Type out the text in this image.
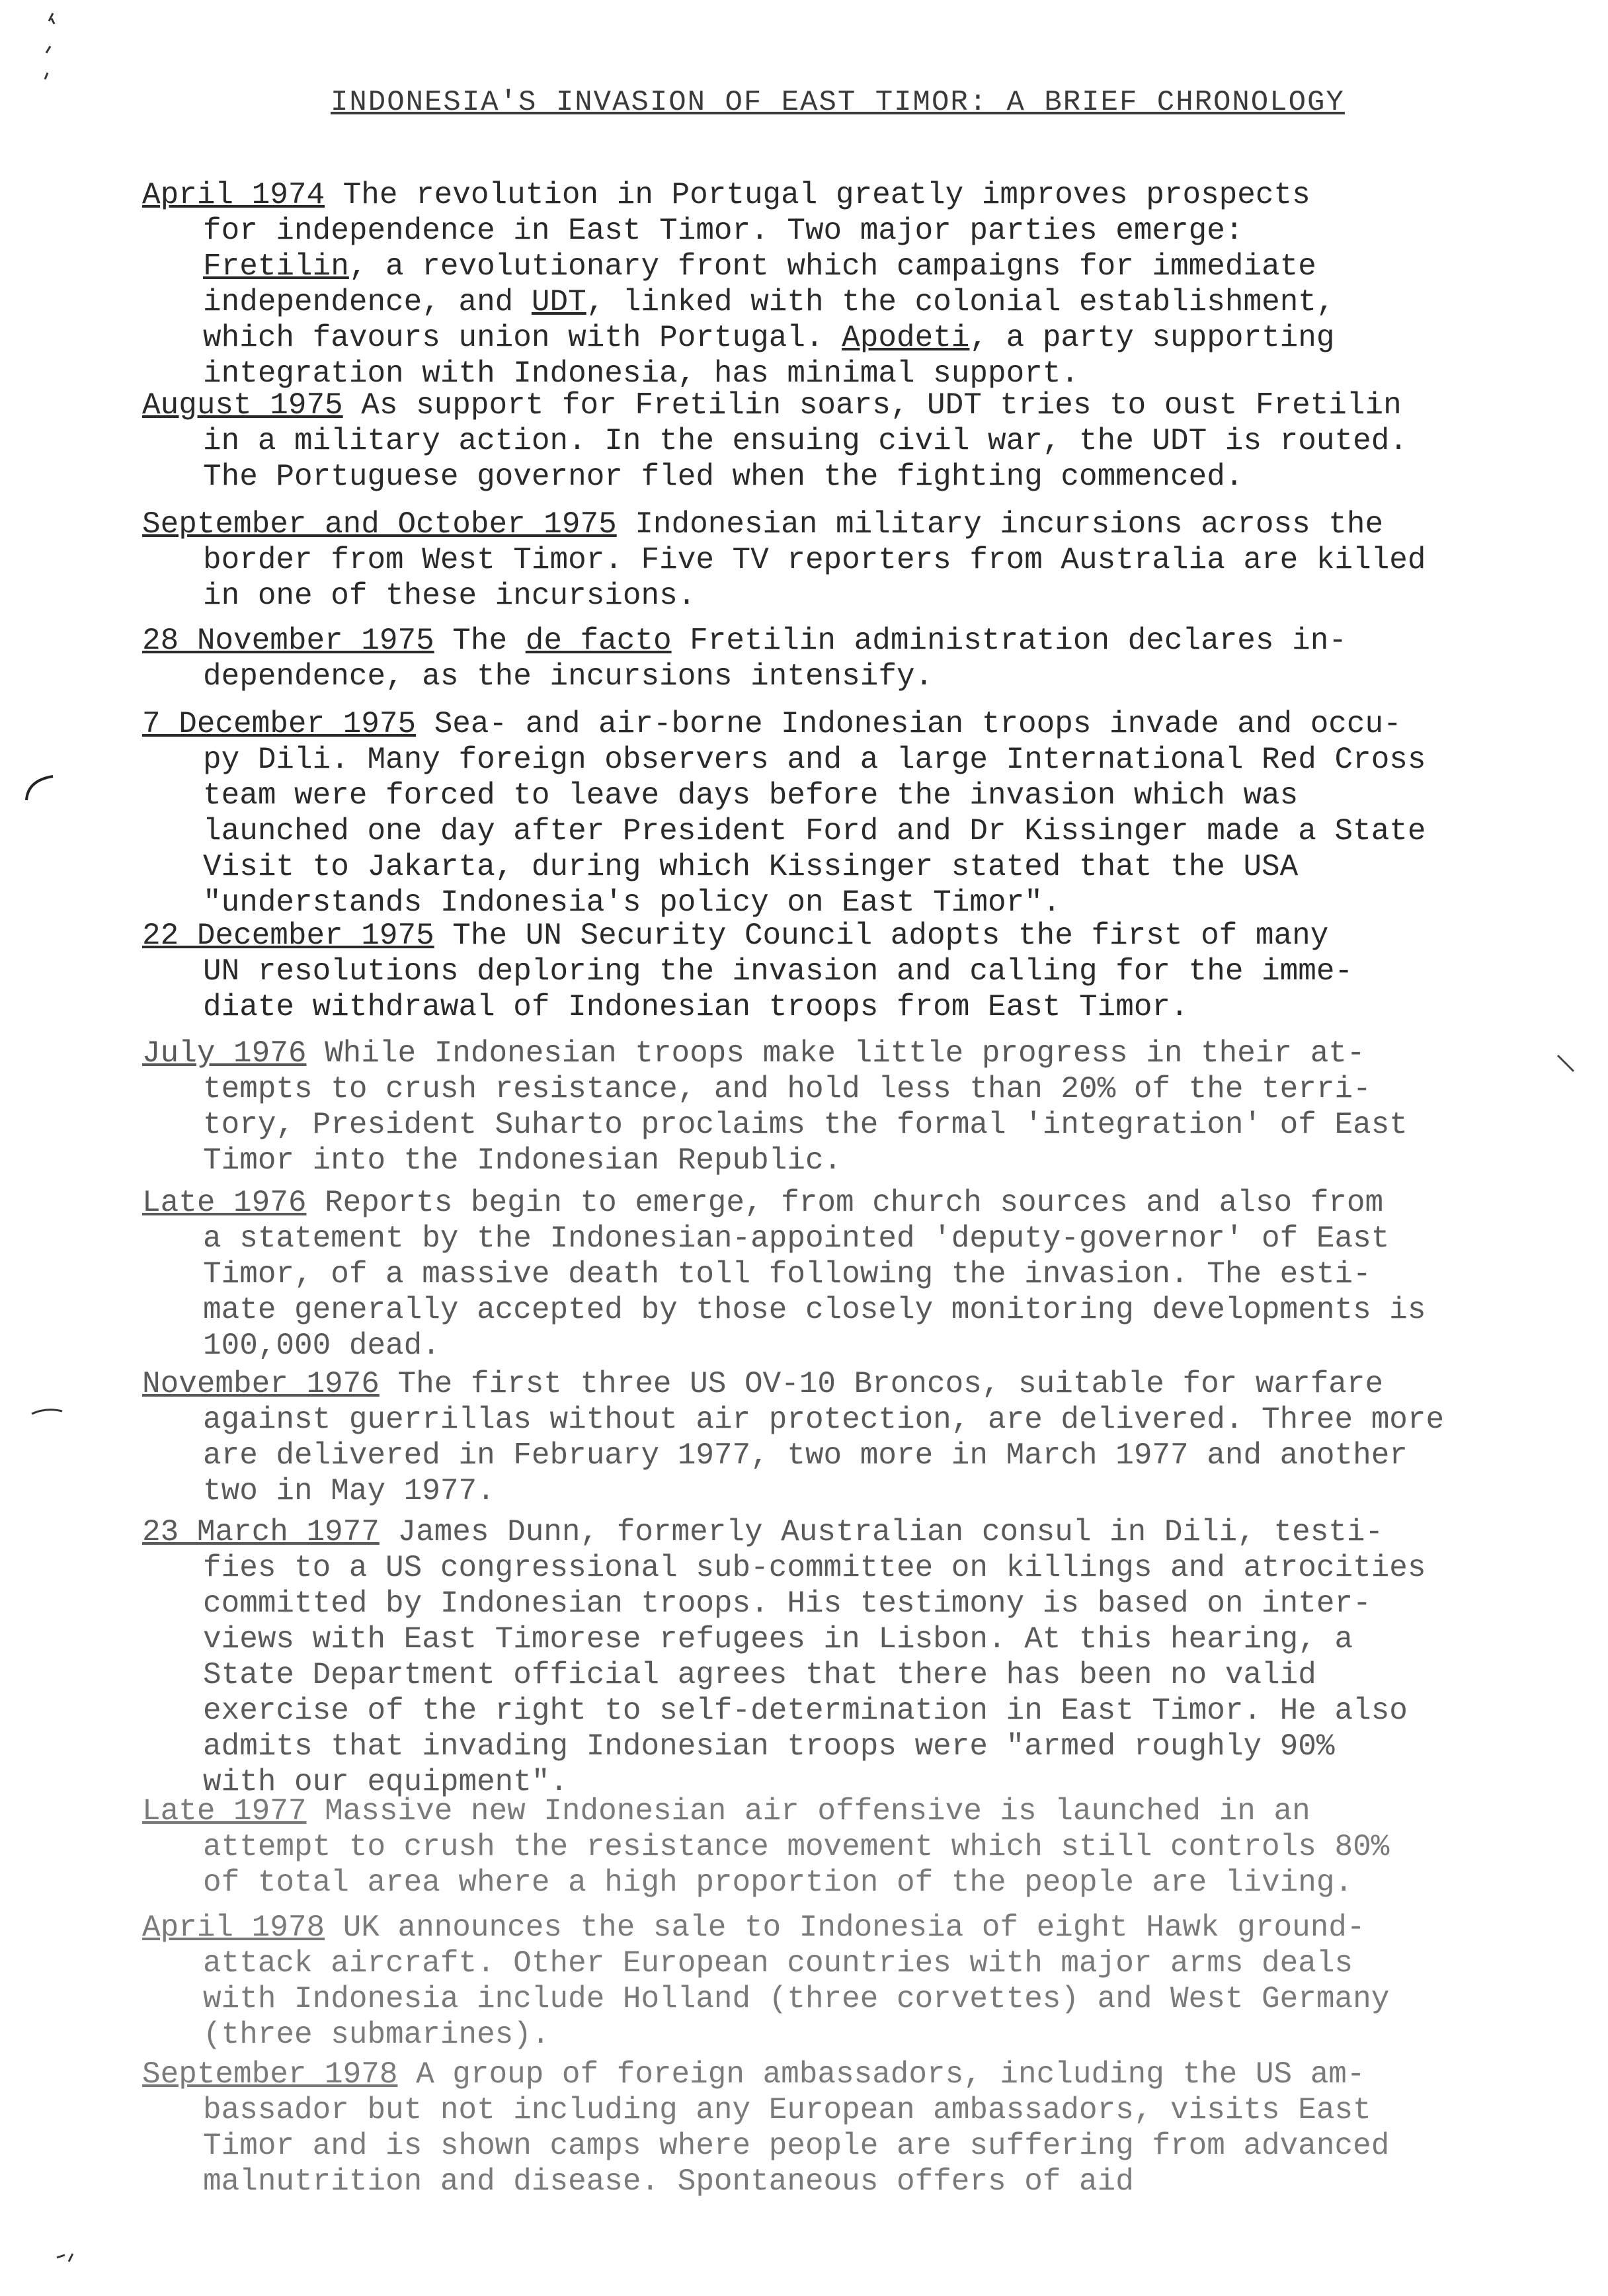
INDONESIA'S INVASION OF EAST TIMOR: A BRIEF CHRONOLOGY
April 1974 The revolution in Portugal greatly improves prospects
for independence in East Timor. Two major parties emerge:
Fretilin, a revolutionary front which campaigns for immediate
independence, and UDT, linked with the colonial establishment,
which favours union with Portugal. Apodeti, a party supporting
integration with Indonesia, has minimal support.
August 1975 As support for Fretilin soars, UDT tries to oust Fretilin
in a military action. In the ensuing civil war, the UDT is routed.
The Portuguese governor fled when the fighting commenced.
September and October 1975 Indonesian military incursions across the
border from West Timor. Five TV reporters from Australia are killed
in one of these incursions.
28 November 1975 The de facto Fretilin administration declares in-
dependence, as the incursions intensify.
7 December 1975 Sea- and air-borne Indonesian troops invade and occu-
py Dili. Many foreign observers and a large International Red Cross
team were forced to leave days before the invasion which was
launched one day after President Ford and Dr Kissinger made a State
Visit to Jakarta, during which Kissinger stated that the USA
"understands Indonesia's policy on East Timor".
22 December 1975 The UN Security Council adopts the first of many
UN resolutions deploring the invasion and calling for the imme-
diate withdrawal of Indonesian troops from East Timor.
July 1976 While Indonesian troops make little progress in their at-
tempts to crush resistance, and hold less than 20% of the terri-
tory, President Suharto proclaims the formal 'integration' of East
Timor into the Indonesian Republic.
Late 1976 Reports begin to emerge, from church sources and also from
a statement by the Indonesian-appointed 'deputy-governor' of East
Timor, of a massive death toll following the invasion. The esti-
mate generally accepted by those closely monitoring developments is
100,000 dead.
November 1976 The first three US OV-10 Broncos, suitable for warfare
against guerrillas without air protection, are delivered. Three more
are delivered in February 1977, two more in March 1977 and another
two in May 1977.
23 March 1977 James Dunn, formerly Australian consul in Dili, testi-
fies to a US congressional sub-committee on killings and atrocities
committed by Indonesian troops. His testimony is based on inter-
views with East Timorese refugees in Lisbon. At this hearing, a
State Department official agrees that there has been no valid
exercise of the right to self-determination in East Timor. He also
admits that invading Indonesian troops were "armed roughly 90%
with our equipment".
Late 1977 Massive new Indonesian air offensive is launched in an
attempt to crush the resistance movement which still controls 80%
of total area where a high proportion of the people are living.
April 1978 UK announces the sale to Indonesia of eight Hawk ground-
attack aircraft. Other European countries with major arms deals
with Indonesia include Holland (three corvettes) and West Germany
(three submarines).
September 1978 A group of foreign ambassadors, including the US am-
bassador but not including any European ambassadors, visits East
Timor and is shown camps where people are suffering from advanced
malnutrition and disease. Spontaneous offers of aid
